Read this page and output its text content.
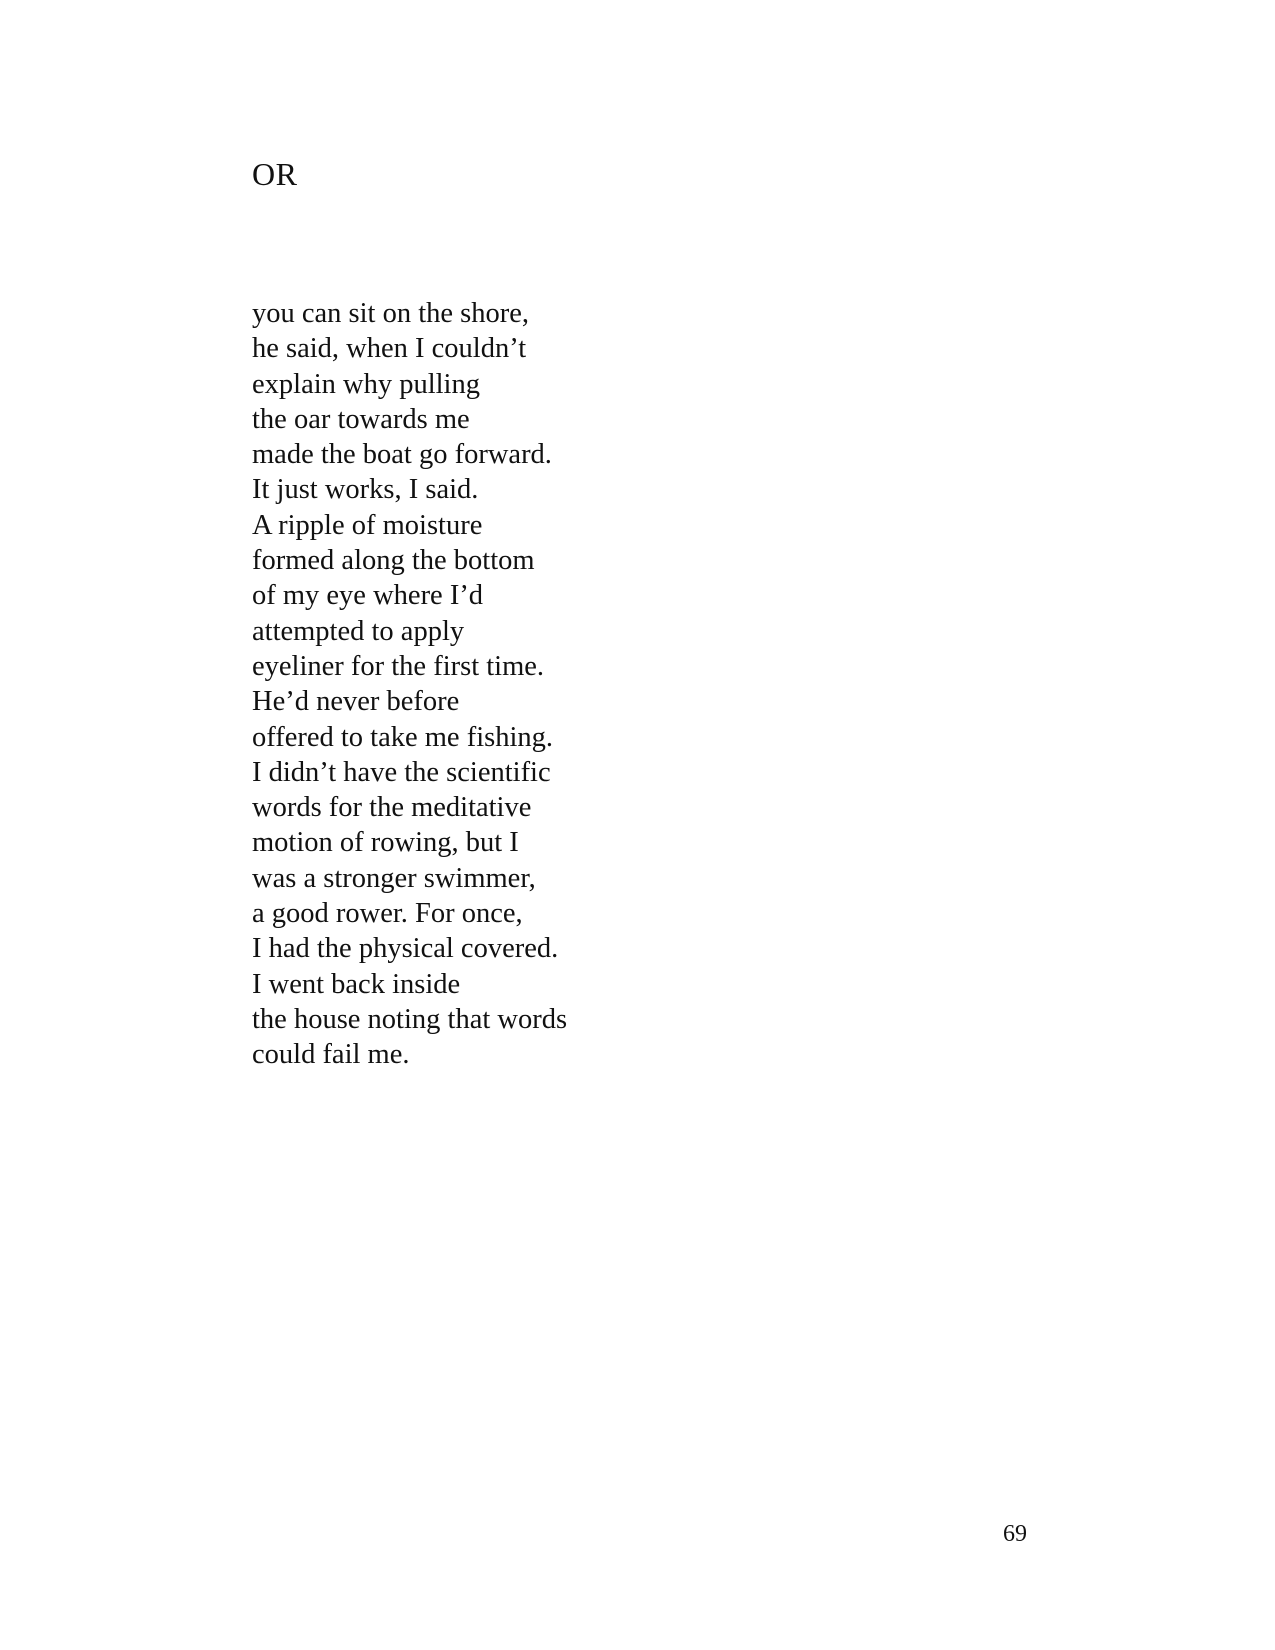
OR
you can sit on the shore,
he said, when I couldn’t
explain why pulling
the oar towards me
made the boat go forward.
It just works, I said.
A ripple of moisture
formed along the bottom
of my eye where I’d
attempted to apply
eyeliner for the first time.
He’d never before
offered to take me fishing.
I didn’t have the scientific
words for the meditative
motion of rowing, but I
was a stronger swimmer,
a good rower. For once,
I had the physical covered.
I went back inside
the house noting that words
could fail me.
69
